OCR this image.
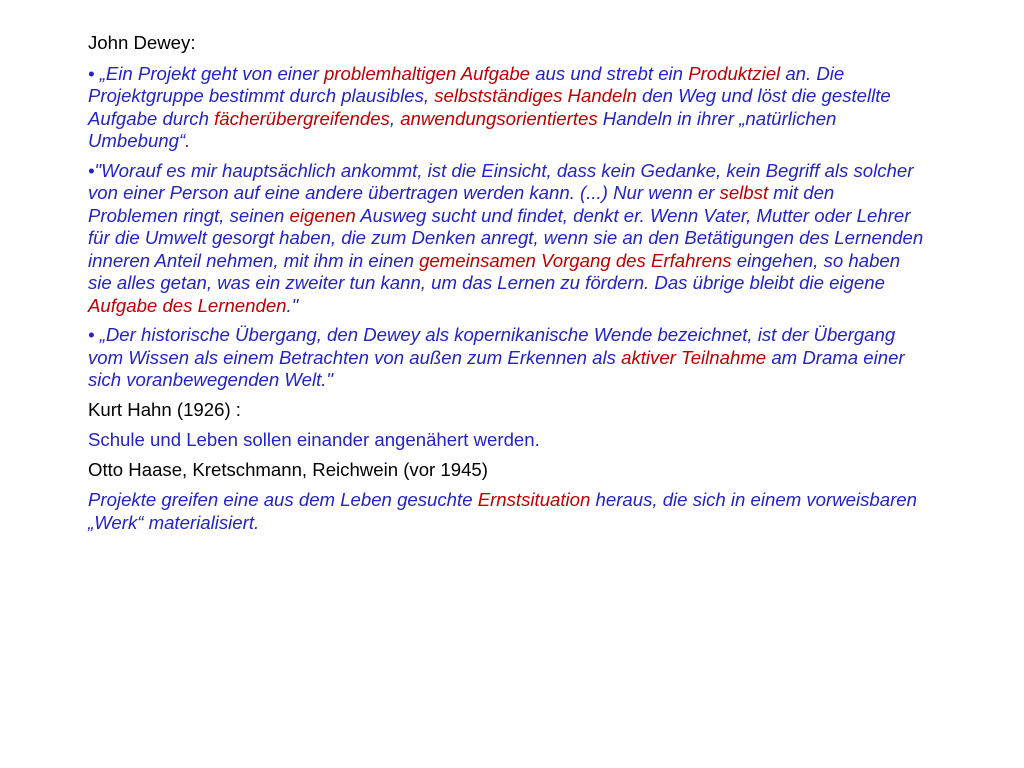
John Dewey:

• „Ein Projekt geht von einer problemhaltigen Aufgabe aus und strebt ein Produktziel an. Die Projektgruppe bestimmt durch plausibles, selbstständiges Handeln den Weg und löst die gestellte Aufgabe durch fächerübergreifendes, anwendungsorientiertes Handeln in ihrer „natürlichen Umbebung“.

•"Worauf es mir hauptsächlich ankommt, ist die Einsicht, dass kein Gedanke, kein Begriff als solcher von einer Person auf eine andere übertragen werden kann. (...) Nur wenn er selbst mit den Problemen ringt, seinen eigenen Ausweg sucht und findet, denkt er. Wenn Vater, Mutter oder Lehrer für die Umwelt gesorgt haben, die zum Denken anregt, wenn sie an den Betätigungen des Lernenden inneren Anteil nehmen, mit ihm in einen gemeinsamen Vorgang des Erfahrens eingehen, so haben sie alles getan, was ein zweiter tun kann, um das Lernen zu fördern. Das übrige bleibt die eigene Aufgabe des Lernenden."

• „Der historische Übergang, den Dewey als kopernikanische Wende bezeichnet, ist der Übergang vom Wissen als einem Betrachten von außen zum Erkennen als aktiver Teilnahme am Drama einer sich voranbewegenden Welt."

Kurt Hahn (1926) :

Schule und Leben sollen einander angenähert werden.

Otto Haase, Kretschmann, Reichwein (vor 1945)

Projekte greifen eine aus dem Leben gesuchte Ernstsituation heraus, die sich in einem vorweisbaren „Werk“ materialisiert.
